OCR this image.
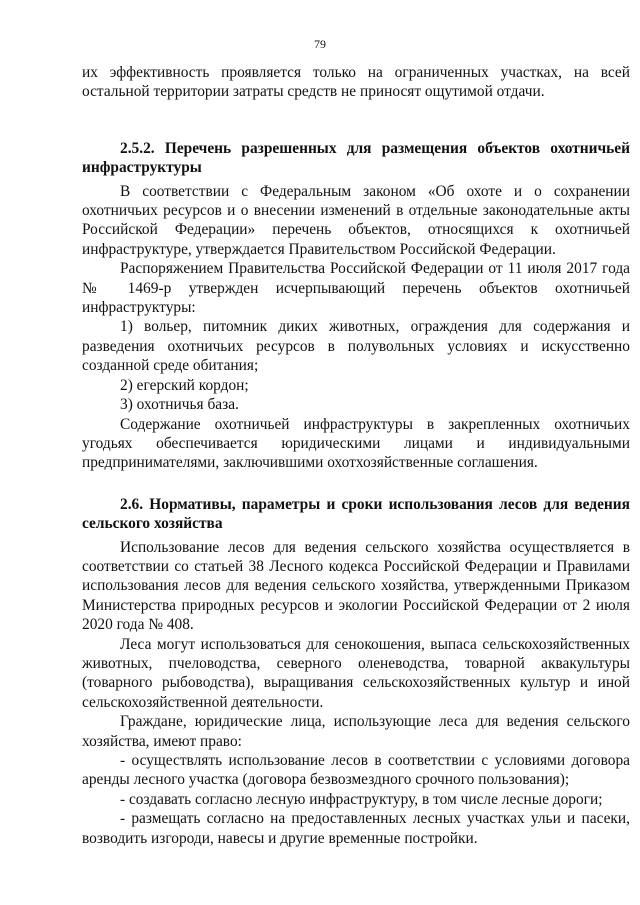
79

их эффективность проявляется только на ограниченных участках, на всей остальной территории затраты средств не приносят ощутимой отдачи.

2.5.2. Перечень разрешенных для размещения объектов охотничьей инфраструктуры

В соответствии с Федеральным законом «Об охоте и о сохранении охотничьих ресурсов и о внесении изменений в отдельные законодательные акты Российской Федерации» перечень объектов, относящихся к охотничьей инфраструктуре, утверждается Правительством Российской Федерации.

Распоряжением Правительства Российской Федерации от 11 июля 2017 года № 1469-р утвержден исчерпывающий перечень объектов охотничьей инфраструктуры:

1) вольер, питомник диких животных, ограждения для содержания и разведения охотничьих ресурсов в полувольных условиях и искусственно созданной среде обитания;

2) егерский кордон;

3) охотничья база.

Содержание охотничьей инфраструктуры в закрепленных охотничьих угодьях обеспечивается юридическими лицами и индивидуальными предпринимателями, заключившими охотхозяйственные соглашения.

2.6. Нормативы, параметры и сроки использования лесов для ведения сельского хозяйства

Использование лесов для ведения сельского хозяйства осуществляется в соответствии со статьей 38 Лесного кодекса Российской Федерации и Правилами использования лесов для ведения сельского хозяйства, утвержденными Приказом Министерства природных ресурсов и экологии Российской Федерации от 2 июля 2020 года № 408.

Леса могут использоваться для сенокошения, выпаса сельскохозяйственных животных, пчеловодства, северного оленеводства, товарной аквакультуры (товарного рыбоводства), выращивания сельскохозяйственных культур и иной сельскохозяйственной деятельности.

Граждане, юридические лица, использующие леса для ведения сельского хозяйства, имеют право:

- осуществлять использование лесов в соответствии с условиями договора аренды лесного участка (договора безвозмездного срочного пользования);

- создавать согласно лесную инфраструктуру, в том числе лесные дороги;

- размещать согласно на предоставленных лесных участках ульи и пасеки, возводить изгороди, навесы и другие временные постройки.
